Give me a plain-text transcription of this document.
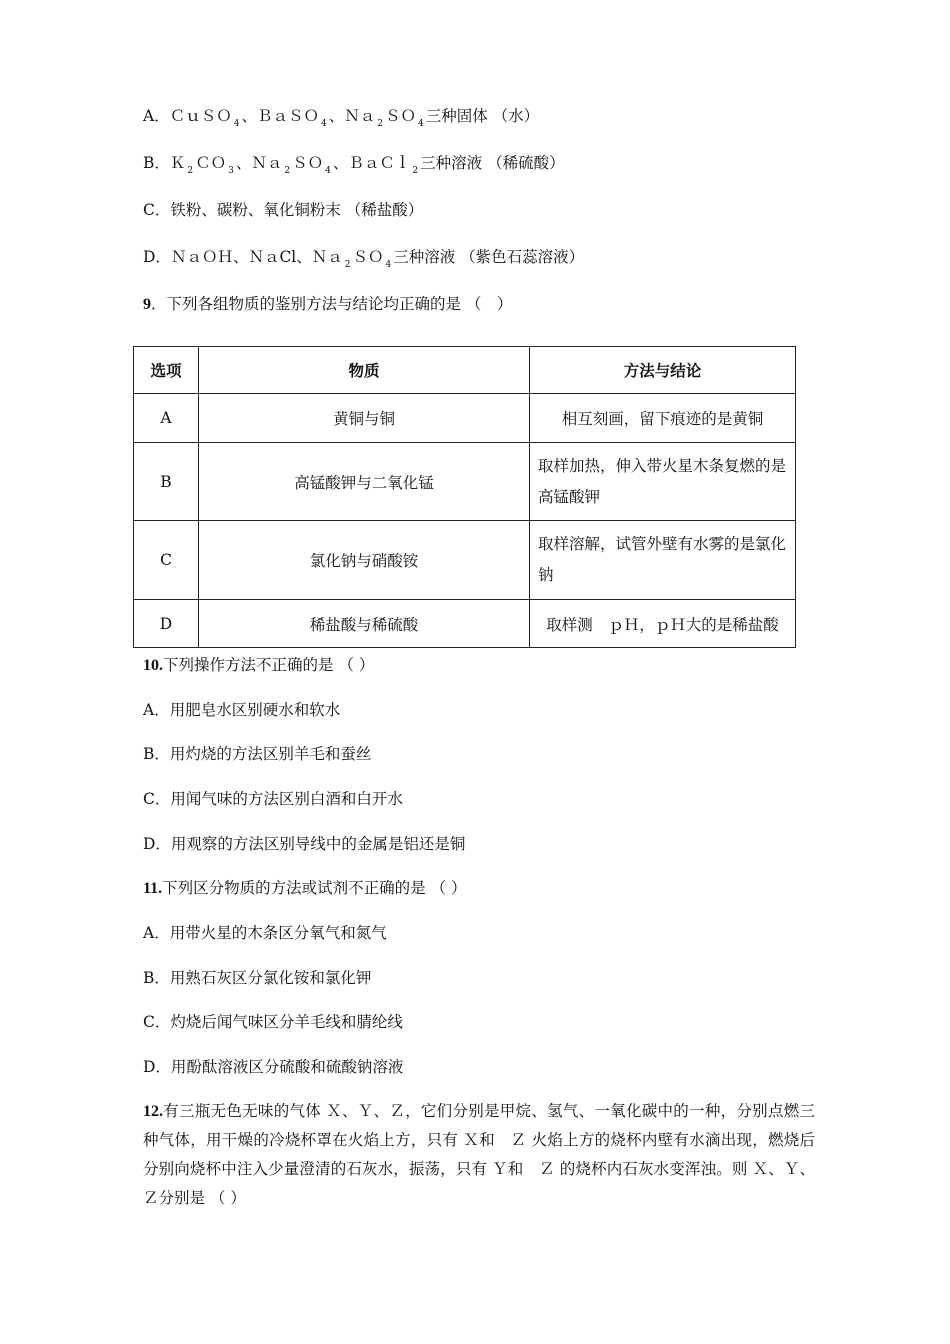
A．ＣｕＳＯ $_4$ 、ＢａＳＯ $_4$ 、Ｎａ $_2$ ＳＯ $_4$ 三种固体 （水）
B．Ｋ $_2$ ＣＯ $_3$ 、Ｎａ $_2$ ＳＯ $_4$ 、ＢａＣｌ $_2$ 三种溶液 （稀硫酸）
C．铁粉、碳粉、氧化铜粉末 （稀盐酸）
D．ＮａＯＨ、ＮａCl、Ｎａ $_2$ ＳＯ $_4$ 三种溶液 （紫色石蕊溶液）
9．下列各组物质的鉴别方法与结论均正确的是 （　）
选项	物质	方法与结论
A	黄铜与铜	相互刻画，留下痕迹的是黄铜
B	高锰酸钾与二氧化锰	取样加热，伸入带火星木条复燃的是高锰酸钾
C	氯化钠与硝酸铵	取样溶解，试管外壁有水雾的是氯化钠
D	稀盐酸与稀硫酸	取样测　ｐＨ，ｐＨ大的是稀盐酸
10.下列操作方法不正确的是 （ ）
A．用肥皂水区别硬水和软水
B．用灼烧的方法区别羊毛和蚕丝
C．用闻气味的方法区别白酒和白开水
D．用观察的方法区别导线中的金属是铝还是铜
11.下列区分物质的方法或试剂不正确的是 （ ）
A．用带火星的木条区分氧气和氮气
B．用熟石灰区分氯化铵和氯化钾
C．灼烧后闻气味区分羊毛线和腈纶线
D．用酚酞溶液区分硫酸和硫酸钠溶液
12.有三瓶无色无味的气体 Ｘ、Ｙ、Ｚ，它们分别是甲烷、氢气、一氧化碳中的一种，分别点燃三种气体，用干燥的冷烧杯罩在火焰上方，只有 Ｘ和　Ｚ 火焰上方的烧杯内壁有水滴出现，燃烧后分别向烧杯中注入少量澄清的石灰水，振荡，只有 Ｙ和　Ｚ 的烧杯内石灰水变浑浊。则 Ｘ、Ｙ、Ｚ分别是 （ ）
